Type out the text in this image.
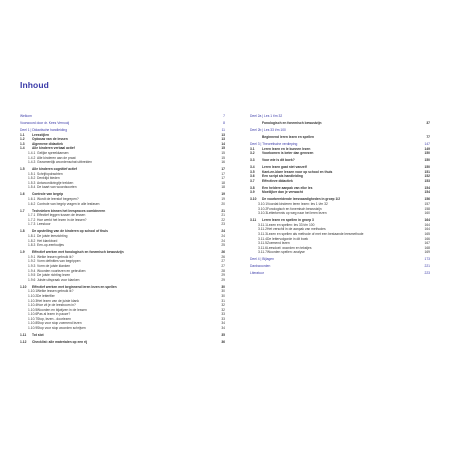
Inhoud
Welkom	7
Voorwoord door dr. Kees Vernooij	8
Deel 1 | Didactische handleiding	11
1.1 Leesstijlen	13
1.2 Opbouw van de lessen	13
1.3 Algemene didactiek	14
1.4 Alle kinderen verbaal actief	15
1.4.1 Gelijke spreekkansen	15
1.4.2 Alle kinderen aan de praat	15
1.4.3 Gezamenlijk woordenschat uitbreiden	16
1.5 Alle kinderen cognitief actief	17
1.5.1 Schrijfopdrachten	17
1.5.2 Denktijd bieden	17
1.5.3 Antwoordkringtje trekken	18
1.5.4 De kaart van woordsoorten	18
1.6 Controle van begrip	19
1.6.1 Wordt de leerstof begrepen?	19
1.6.2 Controle van begrip vragen in alle lesfasen	20
1.7 Technieken binnen het leesproces combineren	21
1.7.1 Effectief leggen tussen de lessen	21
1.7.2 Hoe werkt het lezen in de lessen?	22
1.7.3 Leeskoor	23
1.8 De opstelling van de kinderen op school of thuis	24
1.8.1 De juiste leesrichting	24
1.8.2 Het klankbord	24
1.8.3 Een-op-eenfoutjes	25
1.9 Effectief werken met fonologisch en fonemisch bewustzijn	26
1.9.1 Welke lessen gebruik ik?	26
1.9.2 Vorm definities van begrippen	27
1.9.3 Vorm de juiste klanken	27
1.9.4 Woorden voorlezen en gebruiken	28
1.9.5 De juiste richting lezen	29
1.9.6 Juiste uitspraak voor klanken	29
1.10 Effectief werken met beginnend leren lezen en spellen	30
1.10.1 Welke lessen gebruik ik?	30
1.10.2 De letterfiler	30
1.10.3 Het lezen van de juiste klank	31
1.10.4 Hoe zit je de leesboom in?	32
1.10.5 Woorden en bijwijzen in de lessen	32
1.10.6 Pas al lezen in pauze?	33
1.10.7 Stop, lezen - doorlezen	33
1.10.8 Stop voor stop zoemend lezen	34
1.10.9 Stop voor stop woorden schrijven	34
1.11 Tot slot	35
1.12 Checklist: alle materialen op een rij	36
Deel 2a | Les 1 t/m 32
Fonologisch en fonemisch bewustzijn	37
Deel 2b | Les 33 t/m 100
Beginnend leren lezen en spellen	77
Deel 3 | Theoretische verdieping	147
3.1 Leren lezen en Ie kunnen lezen	149
3.2 Voorkomen is beter dan genezen	150
3.3 Voor wie is dit boek?	150
3.4 Leren lezen gaat niet vanzelf	150
3.5 Kant-en-klare lessen voor op school en thuis	151
3.6 Een script als handleiding	152
3.7 Effectieve didactiek	153
3.8 Een heldere aanpak van elke les	154
3.9 Moeilijker dan je verwacht	154
3.10 De voorbereidende leesvaardigheden in groep 1/2	156
3.10.1 Voordat kinderen leren lezen: les 1 t/m 32	157
3.10.2 Fonologisch en fonemisch bewustzijn	158
3.10.3 Letterkennis op weg naar het leren lezen	160
3.11 Leren lezen en spellen in groep 3	164
3.11.1 Lezen en spellen: les 33 t/m 100	164
3.11.2 Het verschil in de aanpak van methodes	164
3.11.3 Lezen en spellen als methode of met een bestaande leesmethode	165
3.11.4 De lettervolgorde in dit boek	166
3.11.5 Zoemend lezen	167
3.11.6 Leesdoel: woorden en tekstjes	168
3.11.7 Woorden spellen: analyse	169
Deel 4 | Bijlagen	173
Dankwoorden	221
Literatuur	223
